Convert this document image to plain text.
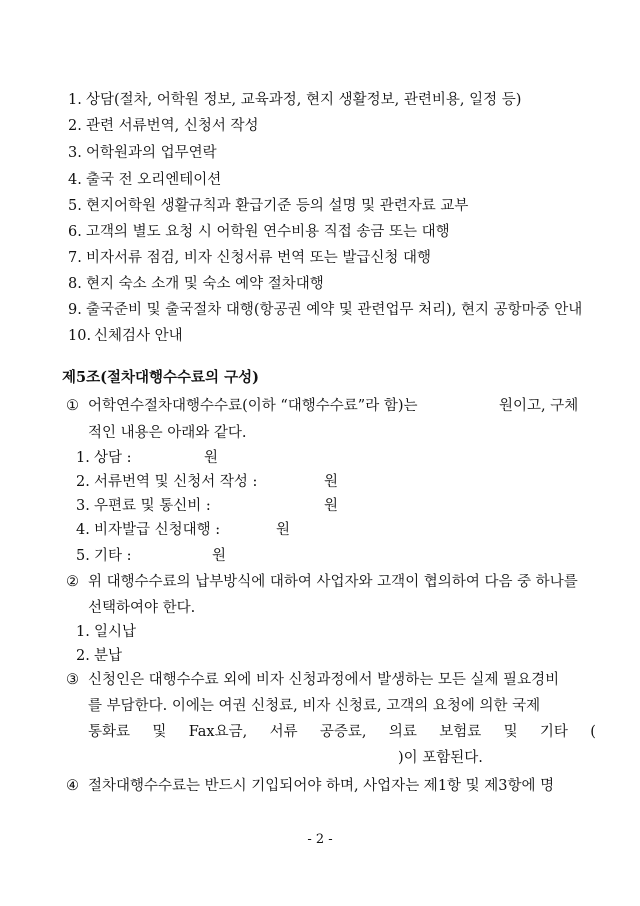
1. 상담(절차, 어학원 정보, 교육과정, 현지 생활정보, 관련비용, 일정 등)
2. 관련 서류번역, 신청서 작성
3. 어학원과의 업무연락
4. 출국 전 오리엔테이션
5. 현지어학원 생활규칙과 환급기준 등의 설명 및 관련자료 교부
6. 고객의 별도 요청 시 어학원 연수비용 직접 송금 또는 대행
7. 비자서류 점검, 비자 신청서류 번역 또는 발급신청 대행
8. 현지 숙소 소개 및 숙소 예약 절차대행
9. 출국준비 및 출국절차 대행(항공권 예약 및 관련업무 처리), 현지 공항마중 안내
10. 신체검사 안내
제5조(절차대행수수료의 구성)
① 어학연수절차대행수수료(이하 “대행수수료”라 함)는	원이고, 구체
적인 내용은 아래와 같다.
1. 상담 :	원
2. 서류번역 및 신청서 작성 :	원
3. 우편료 및 통신비 :	원
4. 비자발급 신청대행 :	원
5. 기타 :	원
② 위 대행수수료의 납부방식에 대하여 사업자와 고객이 협의하여 다음 중 하나를
선택하여야 한다.
1. 일시납
2. 분납
③ 신청인은 대행수수료 외에 비자 신청과정에서 발생하는 모든 실제 필요경비
를 부담한다. 이에는 여권 신청료, 비자 신청료, 고객의 요청에 의한 국제
통화료 및 Fax요금, 서류 공증료, 의료 보험료 및 기타 (
)이 포함된다.
④ 절차대행수수료는 반드시 기입되어야 하며, 사업자는 제1항 및 제3항에 명
- 2 -
